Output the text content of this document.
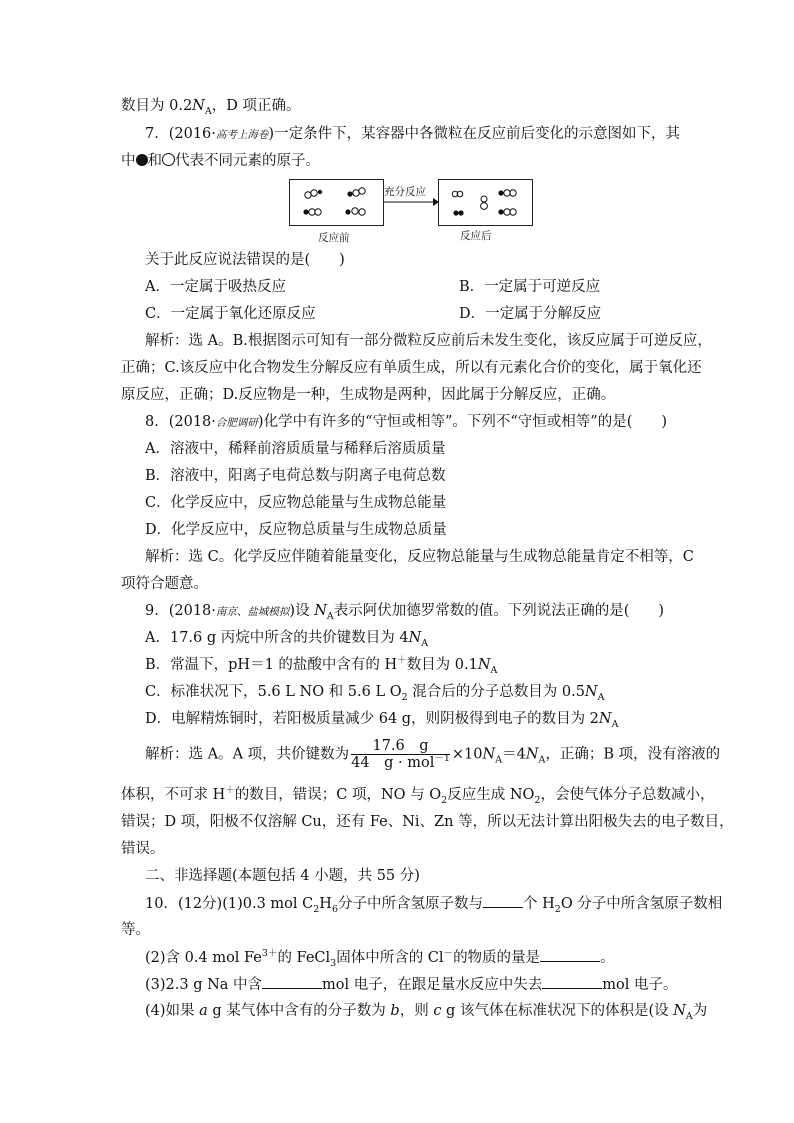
数目为 $0.2N_A$，D 项正确。
7．(2016·高考上海卷)一定条件下，某容器中各微粒在反应前后变化的示意图如下，其
中 和 代表不同元素的原子。
反应前
充分反应
反应后
关于此反应说法错误的是(　　)
A．一定属于吸热反应	B．一定属于可逆反应
C．一定属于氧化还原反应	D．一定属于分解反应
解析：选 A。B.根据图示可知有一部分微粒反应前后未发生变化，该反应属于可逆反应，
正确；C.该反应中化合物发生分解反应有单质生成，所以有元素化合价的变化，属于氧化还
原反应，正确；D.反应物是一种，生成物是两种，因此属于分解反应，正确。
8．(2018·合肥调研)化学中有许多的“守恒或相等”。下列不“守恒或相等”的是(　　)
A．溶液中，稀释前溶质质量与稀释后溶质质量
B．溶液中，阳离子电荷总数与阴离子电荷总数
C．化学反应中，反应物总能量与生成物总能量
D．化学反应中，反应物总质量与生成物总质量
解析：选 C。化学反应伴随着能量变化，反应物总能量与生成物总能量肯定不相等，C
项符合题意。
9．(2018·南京、盐城模拟)设 $N_A$表示阿伏加德罗常数的值。下列说法正确的是(　　)
A．17.6 g 丙烷中所含的共价键数目为 $4N_A$
B．常温下，pH＝1 的盐酸中含有的 H＋数目为 $0.1N_A$
C．标准状况下，5.6 L NO 和 5.6 L $O_2$ 混合后的分子总数目为 $0.5N_A$
D．电解精炼铜时，若阳极质量减少 64 g，则阴极得到电子的数目为 $2N_A$
解析：选 A。A 项，共价键数为 $\frac{17.6 g}{44 g \cdot mol^{-1}} \times 10N_A=4N_A$，正确；B 项，没有溶液的
体积，不可求 H＋的数目，错误；C 项，NO 与 $O_2$反应生成 $NO_2$，会使气体分子总数减小，
错误；D 项，阳极不仅溶解 Cu，还有 Fe、Ni、Zn 等，所以无法计算出阳极失去的电子数目，
错误。
二、非选择题(本题包括 4 小题，共 55 分)
10．(12分)(1)0.3 mol $C_2H_6$分子中所含氢原子数与	个 $H_2O$ 分子中所含氢原子数相
等。
(2)含 0.4 mol $Fe^{3+}$的 FeCl$_3$固体中所含的 Cl－的物质的量是	。
(3)2.3 g Na 中含	mol 电子，在跟足量水反应中失去	mol 电子。
(4)如果 a g 某气体中含有的分子数为 b，则 c g 该气体在标准状况下的体积是(设 $N_A$为
